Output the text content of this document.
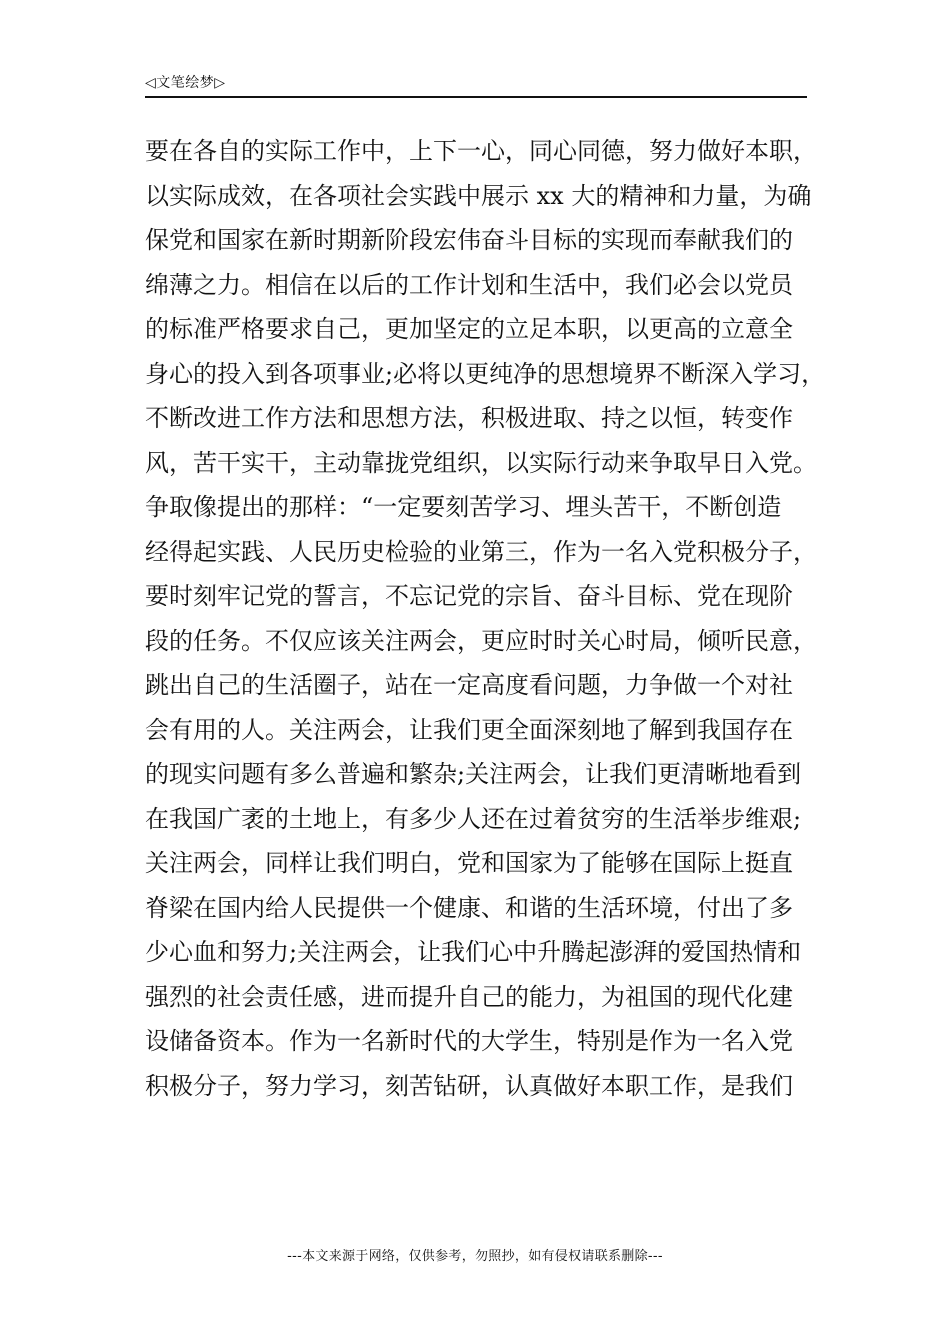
◁文笔绘梦▷
要在各自的实际工作中，上下一心，同心同德，努力做好本职，
以实际成效，在各项社会实践中展示 xx 大的精神和力量，为确
保党和国家在新时期新阶段宏伟奋斗目标的实现而奉献我们的
绵薄之力。相信在以后的工作计划和生活中，我们必会以党员
的标准严格要求自己，更加坚定的立足本职，以更高的立意全
身心的投入到各项事业;必将以更纯净的思想境界不断深入学习，
不断改进工作方法和思想方法，积极进取、持之以恒，转变作
风，苦干实干，主动靠拢党组织，以实际行动来争取早日入党。
争取像提出的那样：“一定要刻苦学习、埋头苦干，不断创造
经得起实践、人民历史检验的业第三，作为一名入党积极分子，
要时刻牢记党的誓言，不忘记党的宗旨、奋斗目标、党在现阶
段的任务。不仅应该关注两会，更应时时关心时局，倾听民意，
跳出自己的生活圈子，站在一定高度看问题，力争做一个对社
会有用的人。关注两会，让我们更全面深刻地了解到我国存在
的现实问题有多么普遍和繁杂;关注两会，让我们更清晰地看到
在我国广袤的土地上，有多少人还在过着贫穷的生活举步维艰;
关注两会，同样让我们明白，党和国家为了能够在国际上挺直
脊梁在国内给人民提供一个健康、和谐的生活环境，付出了多
少心血和努力;关注两会，让我们心中升腾起澎湃的爱国热情和
强烈的社会责任感，进而提升自己的能力，为祖国的现代化建
设储备资本。作为一名新时代的大学生，特别是作为一名入党
积极分子，努力学习，刻苦钻研，认真做好本职工作，是我们
---本文来源于网络，仅供参考，勿照抄，如有侵权请联系删除---
